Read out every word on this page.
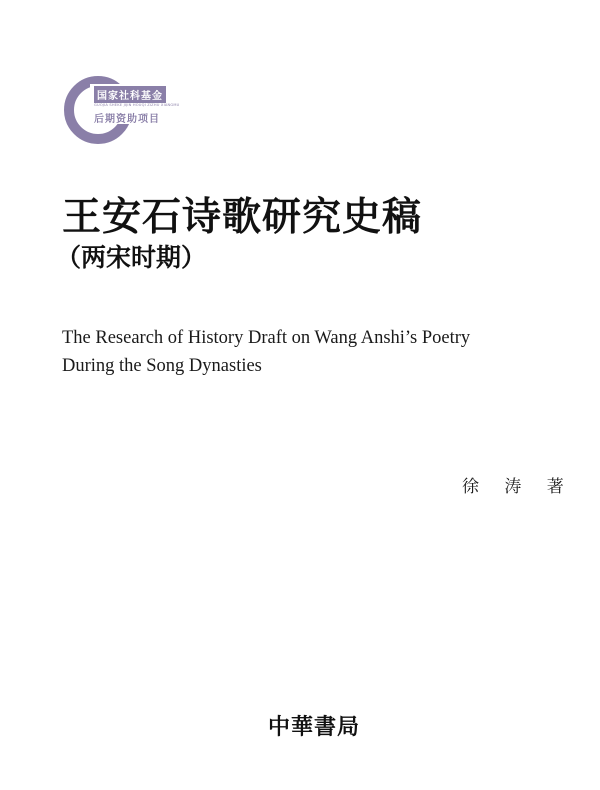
国家社科基金
GUOJIA SHEKE JIJIN HOUQI ZIZHU XIANGMU
后期资助项目
王安石诗歌研究史稿
（两宋时期）
The Research of History Draft on Wang Anshi’s Poetry
During the Song Dynasties
徐 涛 著
中華書局
